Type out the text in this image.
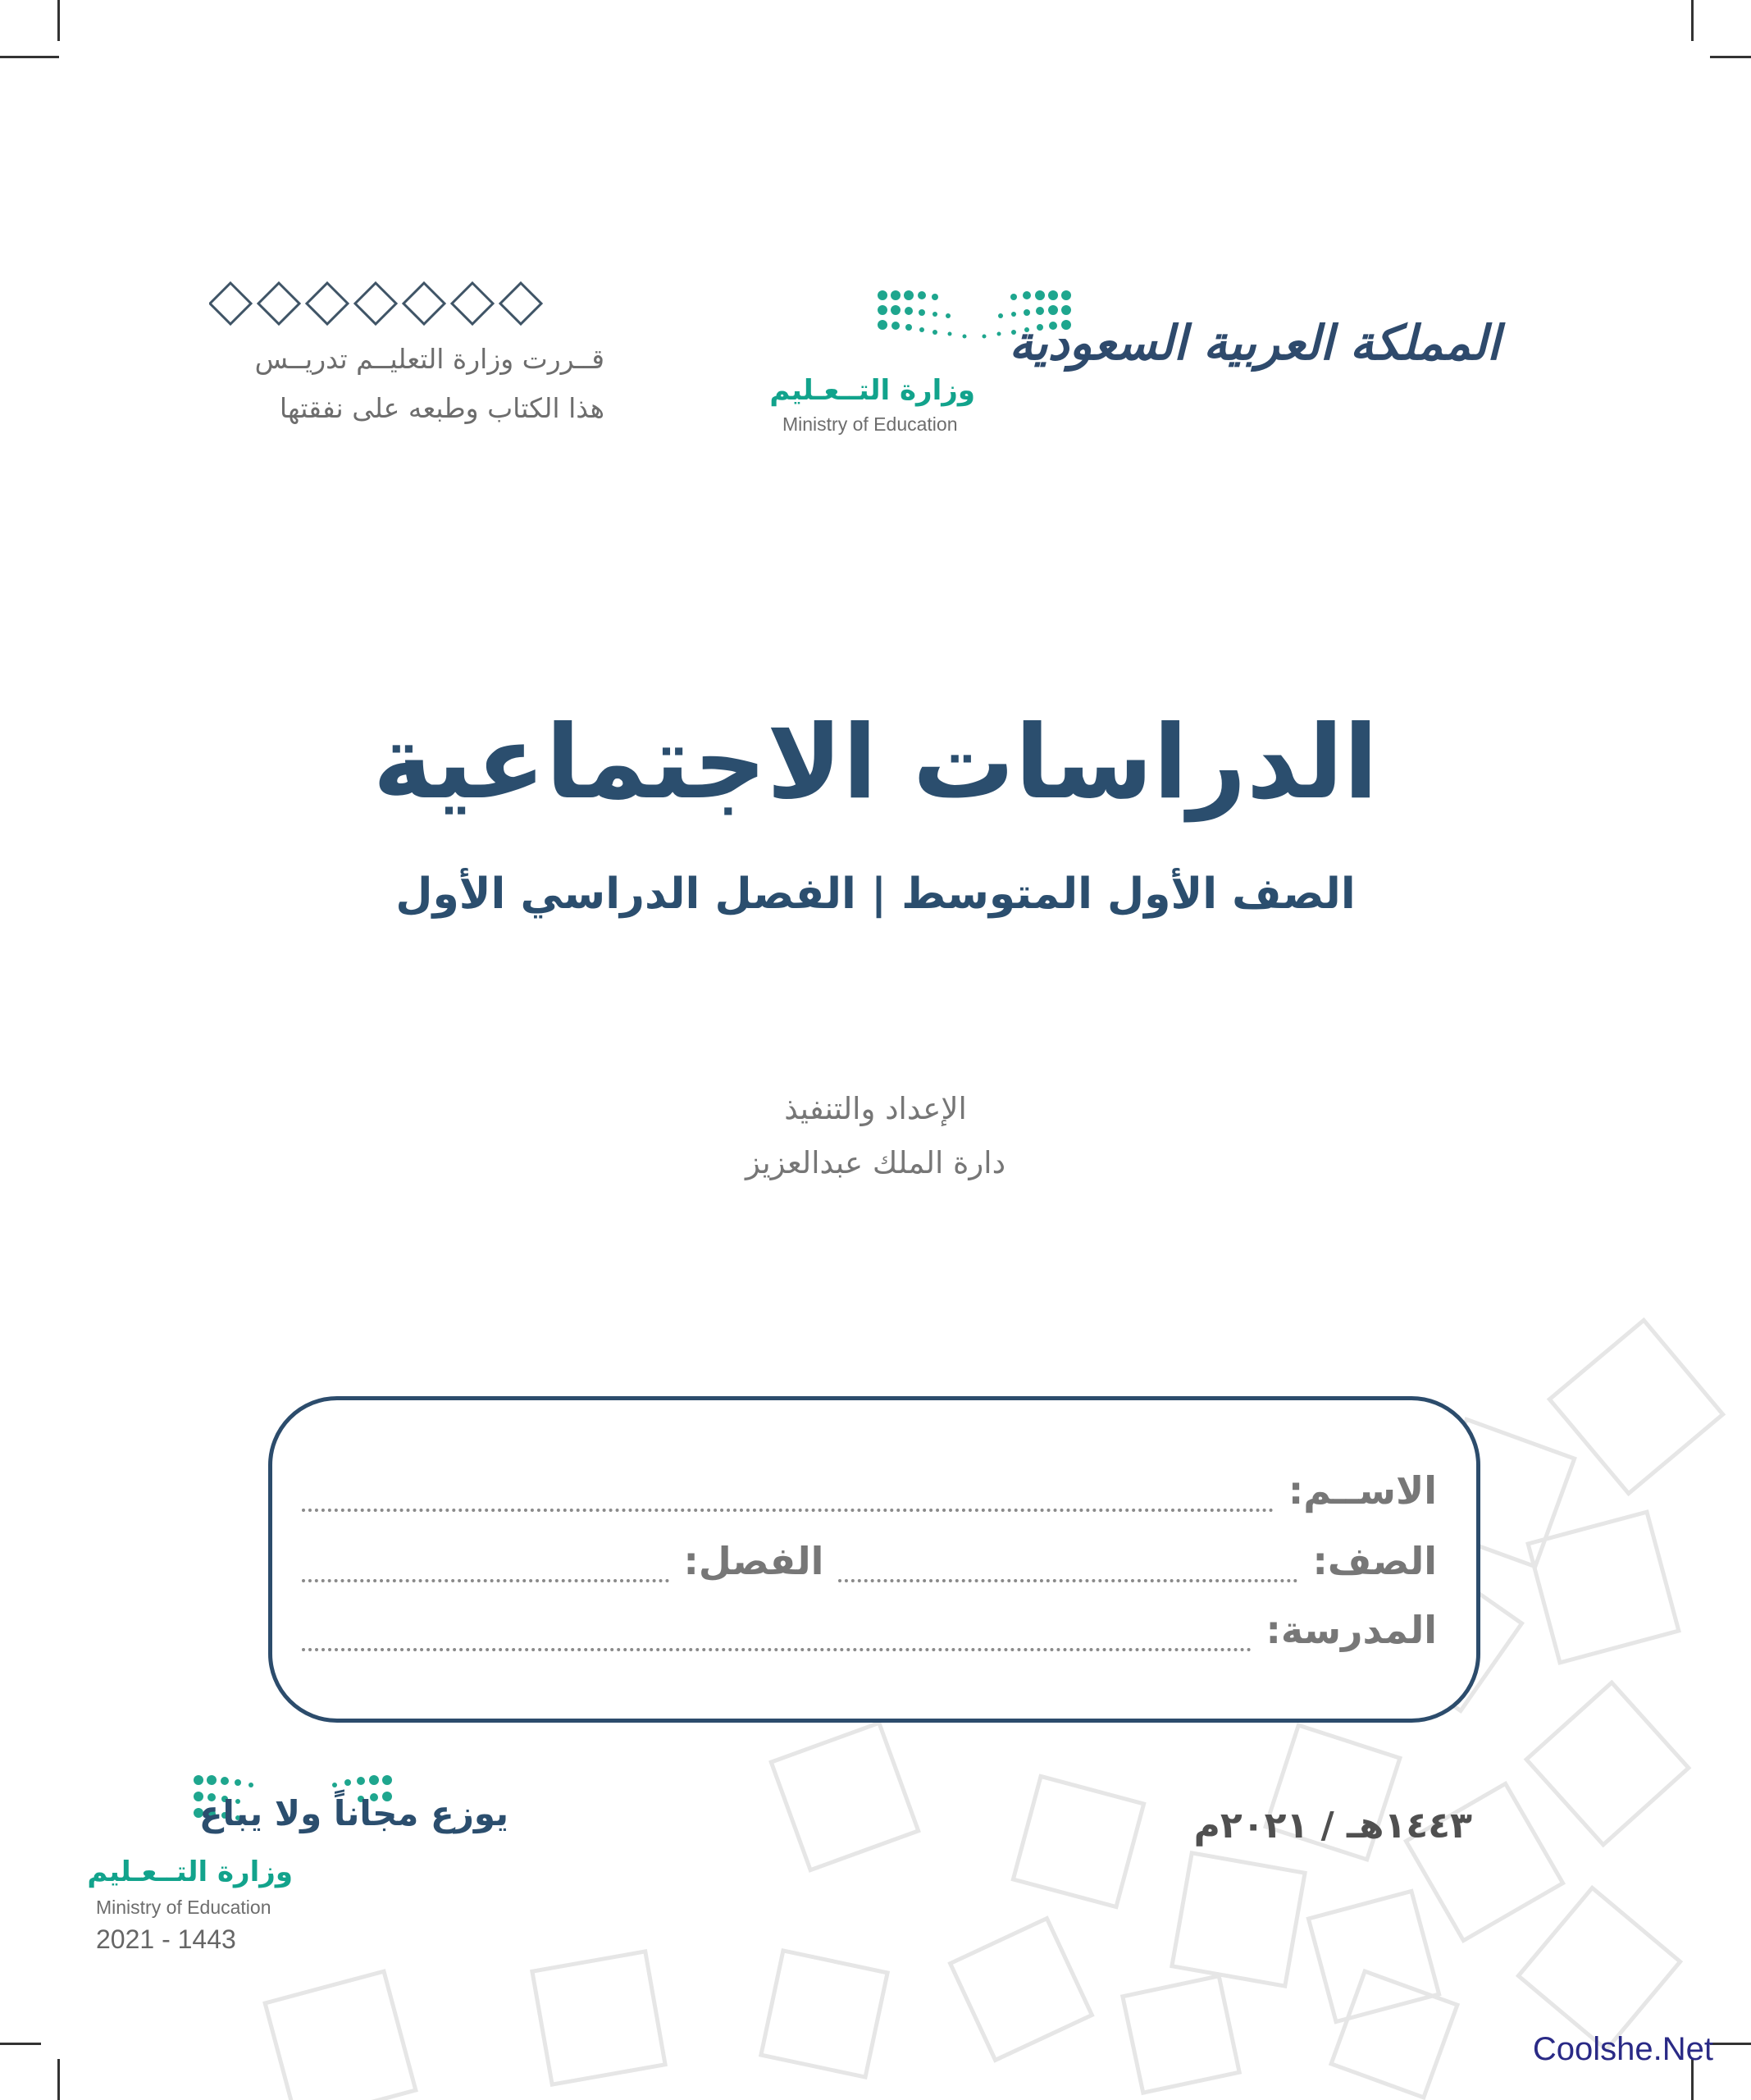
قــررت وزارة التعليــم تدريــس
هذا الكتاب وطبعه على نفقتها
وزارة التــعـليم
Ministry of Education
المملكة العربية السعودية
الدراسات الاجتماعية
الصف الأول المتوسط | الفصل الدراسي الأول
الإعداد والتنفيذ
دارة الملك عبدالعزيز
الاســم:
الصف:
الفصل:
المدرسة:
يوزع مجاناً ولا يباع
وزارة التــعـليم
Ministry of Education
2021 - 1443
١٤٤٣هـ / ٢٠٢١م
Coolshe.Net
